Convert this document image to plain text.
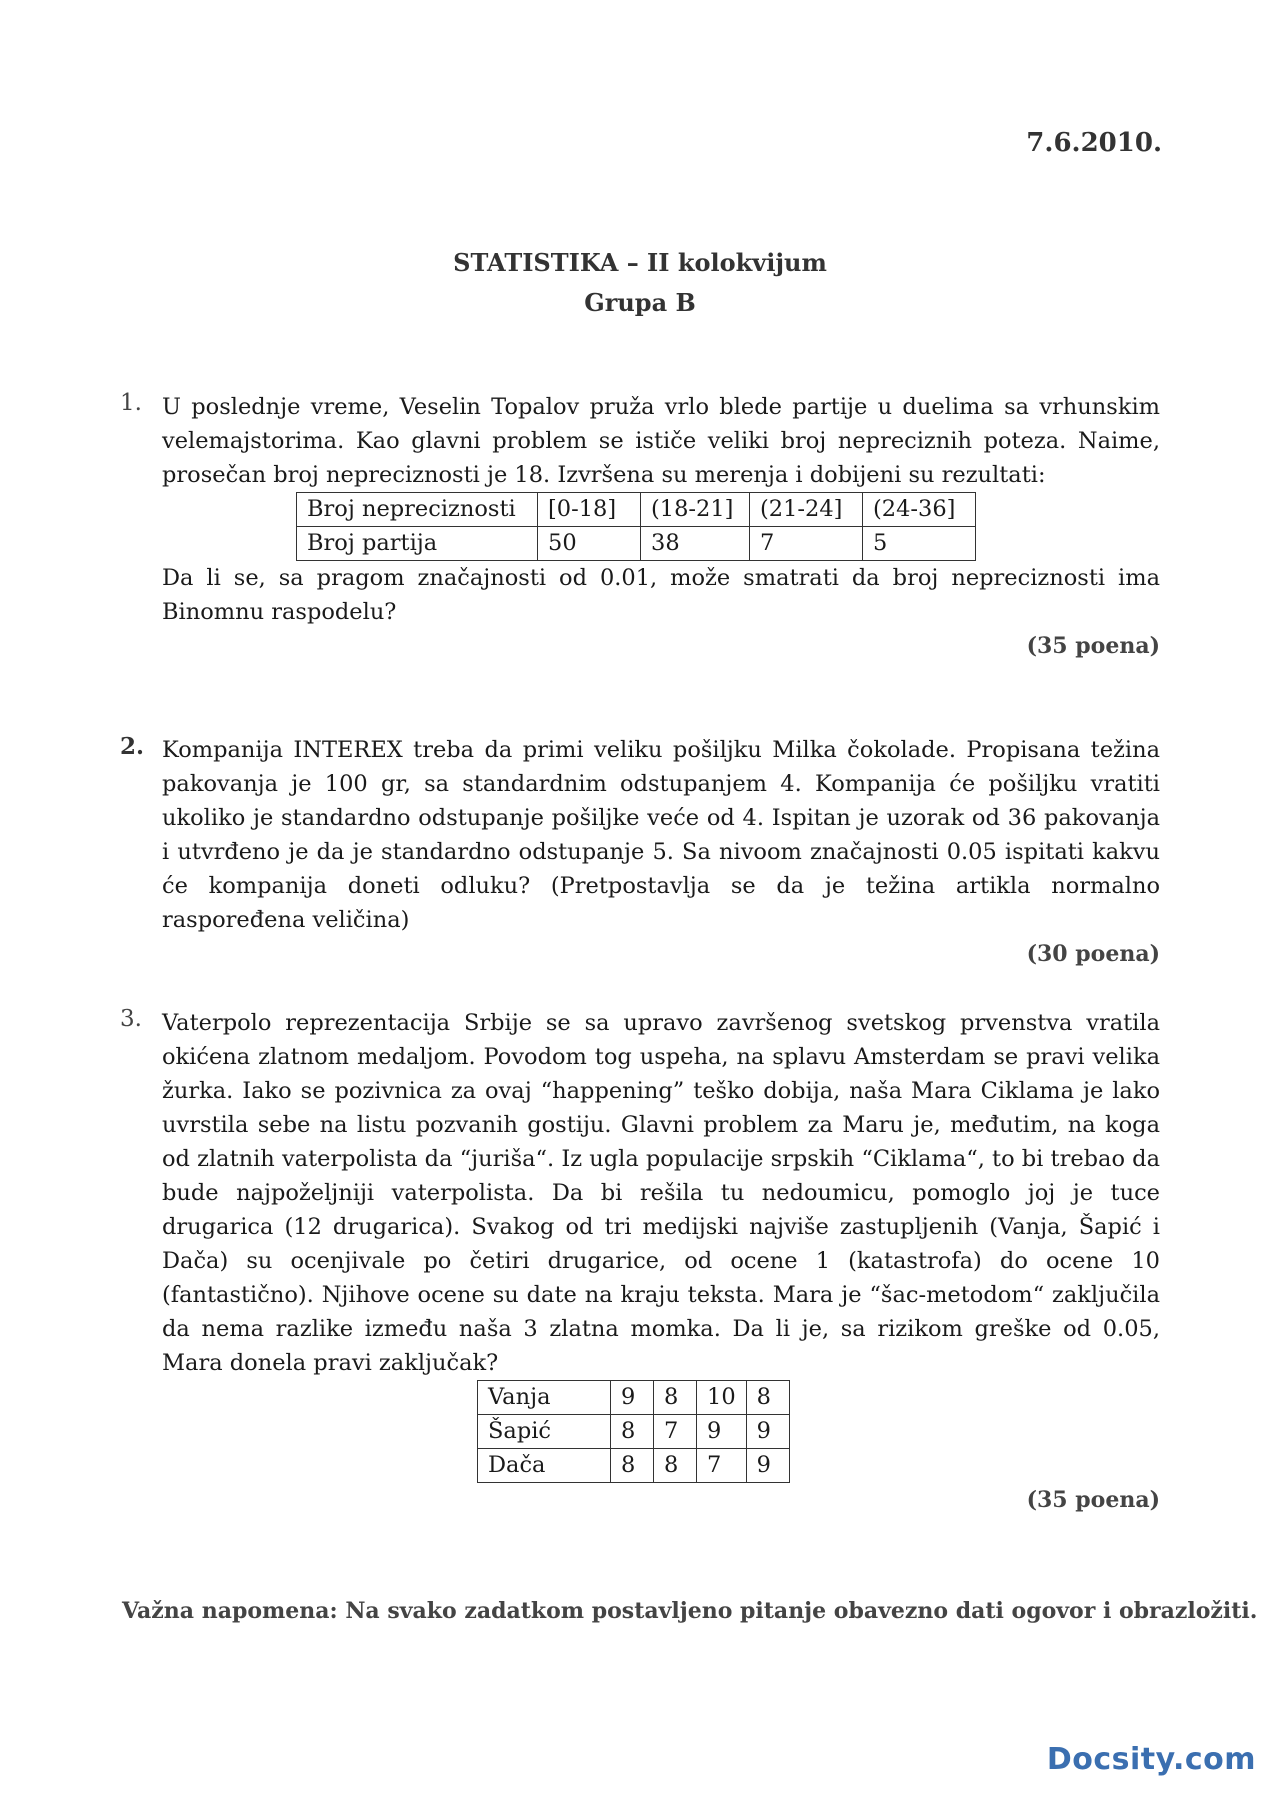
7.6.2010.
STATISTIKA – II kolokvijum
Grupa B
1. U poslednje vreme, Veselin Topalov pruža vrlo blede partije u duelima sa vrhunskim velemajstorima. Kao glavni problem se ističe veliki broj nepreciznih poteza. Naime, prosečan broj nepreciznosti je 18. Izvršena su merenja i dobijeni su rezultati:
Broj nepreciznosti	[0-18]	(18-21]	(21-24]	(24-36]
Broj partija	50	38	7	5
Da li se, sa pragom značajnosti od 0.01, može smatrati da broj nepreciznosti ima Binomnu raspodelu?
(35 poena)
2. Kompanija INTEREX treba da primi veliku pošiljku Milka čokolade. Propisana težina pakovanja je 100 gr, sa standardnim odstupanjem 4. Kompanija će pošiljku vratiti ukoliko je standardno odstupanje pošiljke veće od 4. Ispitan je uzorak od 36 pakovanja i utvrđeno je da je standardno odstupanje 5. Sa nivoom značajnosti 0.05 ispitati kakvu će kompanija doneti odluku? (Pretpostavlja se da je težina artikla normalno raspoređena veličina)
(30 poena)
3. Vaterpolo reprezentacija Srbije se sa upravo završenog svetskog prvenstva vratila okićena zlatnom medaljom. Povodom tog uspeha, na splavu Amsterdam se pravi velika žurka. Iako se pozivnica za ovaj “happening” teško dobija, naša Mara Ciklama je lako uvrstila sebe na listu pozvanih gostiju. Glavni problem za Maru je, međutim, na koga od zlatnih vaterpolista da “juriša“. Iz ugla populacije srpskih “Ciklama“, to bi trebao da bude najpoželjniji vaterpolista. Da bi rešila tu nedoumicu, pomoglo joj je tuce drugarica (12 drugarica). Svakog od tri medijski najviše zastupljenih (Vanja, Šapić i Dača) su ocenjivale po četiri drugarice, od ocene 1 (katastrofa) do ocene 10 (fantastično). Njihove ocene su date na kraju teksta. Mara je “šac-metodom“ zaključila da nema razlike između naša 3 zlatna momka. Da li je, sa rizikom greške od 0.05, Mara donela pravi zaključak?
Vanja	9	8	10	8
Šapić	8	7	9	9
Dača	8	8	7	9
(35 poena)
Važna napomena: Na svako zadatkom postavljeno pitanje obavezno dati ogovor i obrazložiti.
Docsity.com
